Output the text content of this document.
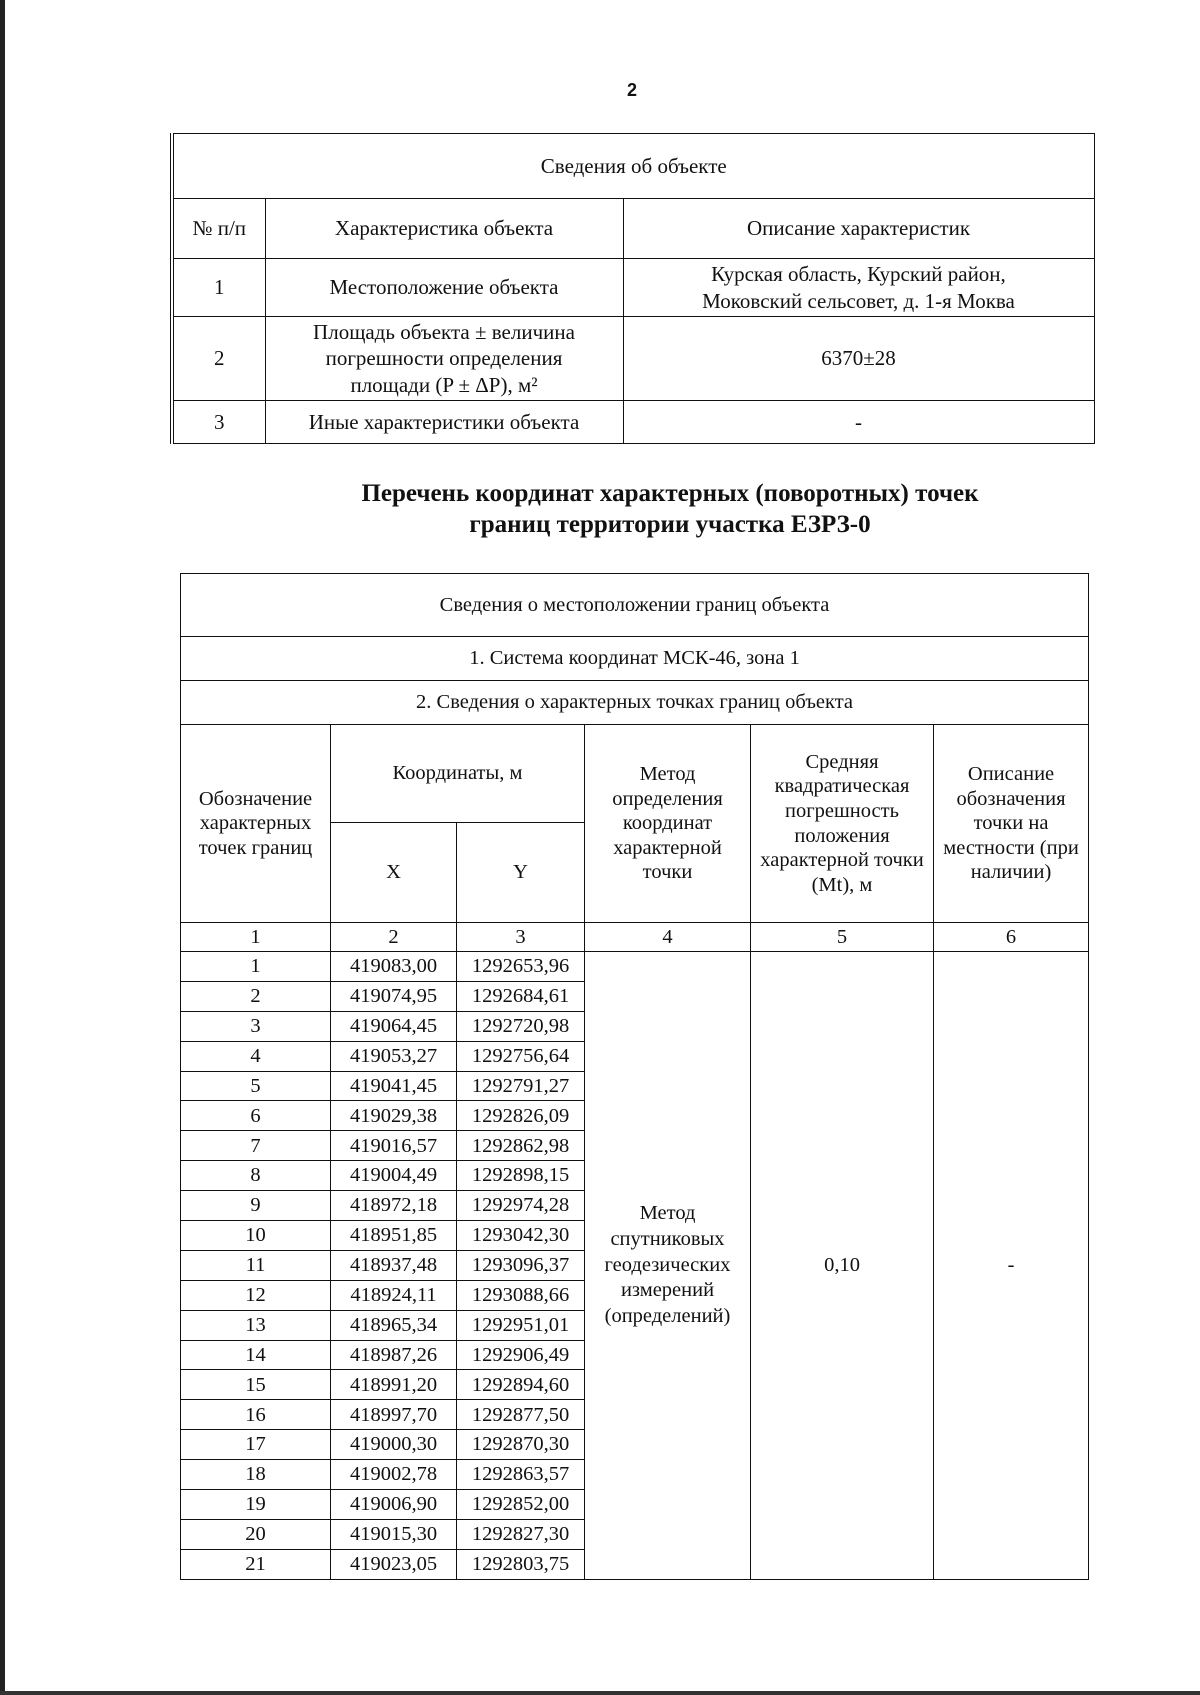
2
Сведения об объекте		
№ п/п	Характеристика объекта	Описание характеристик
1	Местоположение объекта	Курская область, Курский район, Моковский сельсовет, д. 1-я Моква
2	Площадь объекта ± величина погрешности определения площади (P ± ΔP), м²	6370±28
3	Иные характеристики объекта	-
Перечень координат характерных (поворотных) точек
границ территории участка ЕЗРЗ-0
Сведения о местоположении границ объекта					
1. Система координат МСК-46, зона 1					
2. Сведения о характерных точках границ объекта					
Обозначение характерных точек границ	Координаты, м		Метод определения координат характерной точки	Средняя квадратическая погрешность положения характерной точки (Mt), м	Описание обозначения точки на местности (при наличии)
	X	Y			
1	2	3	4	5	6
1	419083,00	1292653,96	Метод спутниковых геодезических измерений (определений)	0,10	-
2	419074,95	1292684,61			
3	419064,45	1292720,98			
4	419053,27	1292756,64			
5	419041,45	1292791,27			
6	419029,38	1292826,09			
7	419016,57	1292862,98			
8	419004,49	1292898,15			
9	418972,18	1292974,28			
10	418951,85	1293042,30			
11	418937,48	1293096,37			
12	418924,11	1293088,66			
13	418965,34	1292951,01			
14	418987,26	1292906,49			
15	418991,20	1292894,60			
16	418997,70	1292877,50			
17	419000,30	1292870,30			
18	419002,78	1292863,57			
19	419006,90	1292852,00			
20	419015,30	1292827,30			
21	419023,05	1292803,75			
